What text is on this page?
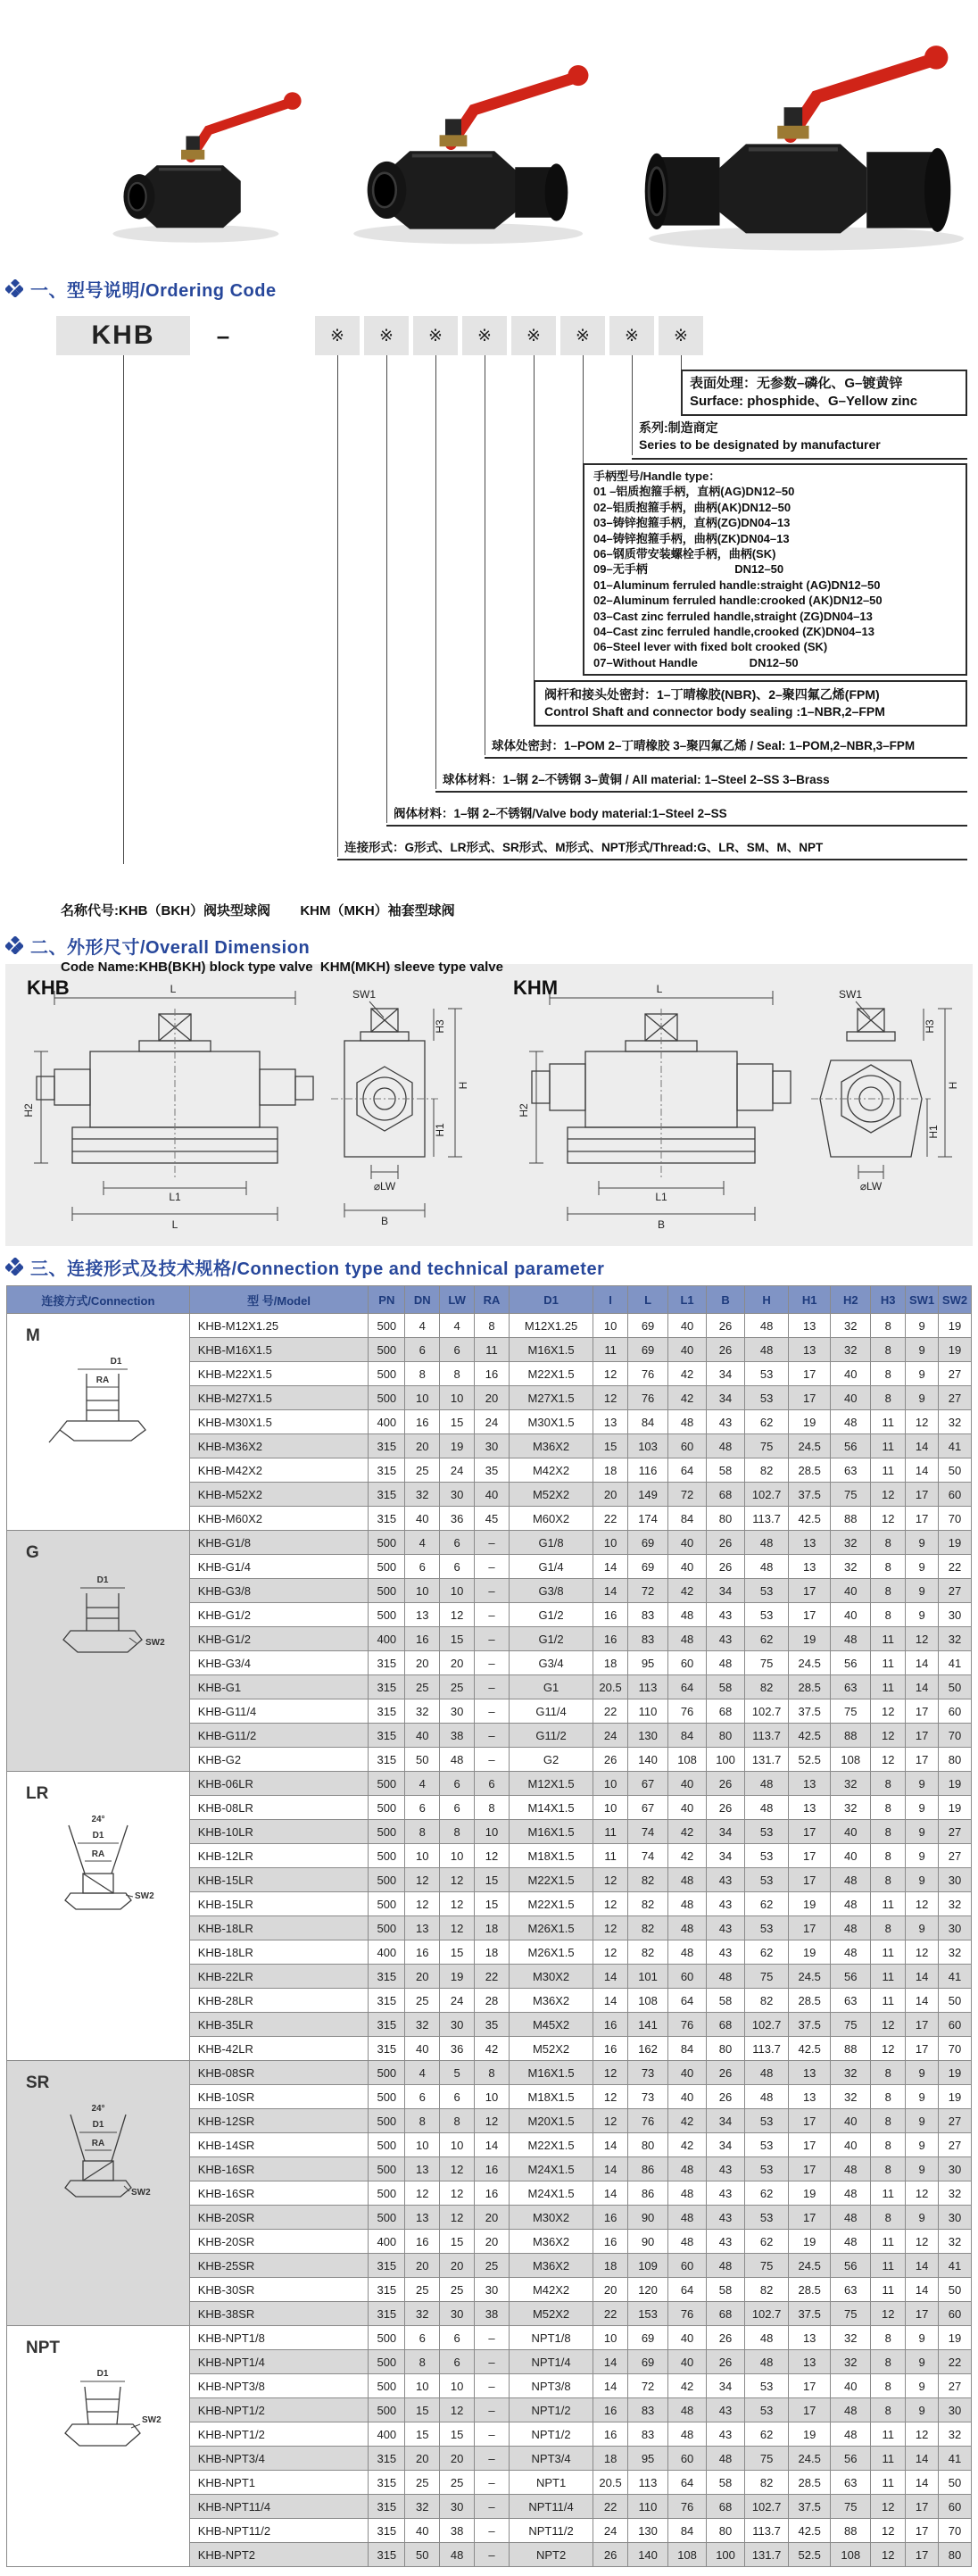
一、型号说明/Ordering Code
KHB	–
表面处理：无参数–磷化、G–镀黄锌
Surface: phosphide、G–Yellow zinc
系列:制造商定
Series to be designated by manufacturer
手柄型号/Handle type：
01 –铝质抱箍手柄，直柄(AG)DN12–50
02–铝质抱箍手柄，曲柄(AK)DN12–50
03–铸锌抱箍手柄，直柄(ZG)DN04–13
04–铸锌抱箍手柄，曲柄(ZK)DN04–13
06–钢质带安装螺栓手柄，曲柄(SK)
09–无手柄                           DN12–50
01–Aluminum ferruled handle:straight (AG)DN12–50
02–Aluminum ferruled handle:crooked (AK)DN12–50
03–Cast zinc ferruled handle,straight (ZG)DN04–13
04–Cast zinc ferruled handle,crooked (ZK)DN04–13
06–Steel lever with fixed bolt crooked (SK)
07–Without Handle                DN12–50
阀杆和接头处密封：1–丁晴橡胶(NBR)、2–聚四氟乙烯(FPM)
Control Shaft and connector body sealing :1–NBR,2–FPM
球体处密封：1–POM 2–丁晴橡胶 3–聚四氟乙烯 / Seal: 1–POM,2–NBR,3–FPM
球体材料：1–钢 2–不锈钢 3–黄铜 / All material: 1–Steel 2–SS 3–Brass
阀体材料：1–钢 2–不锈钢/Valve body material:1–Steel 2–SS
连接形式：G形式、LR形式、SR形式、M形式、NPT形式/Thread:G、LR、SM、M、NPT

名称代号:KHB（BKH）阀块型球阀        KHM（MKH）袖套型球阀

Code Name:KHB(BKH) block type valve  KHM(MKH) sleeve type valve

※	※	※	※	※	※	※	※
二、外形尺寸/Overall Dimension
KHB	L
H2
L1
L
SW1
H3
H
H1
⌀LW
B
KHM	L
H2
L1
B
SW1
H3
H
H1
⌀LW
三、连接形式及技术规格/Connection type and technical parameter
连接方式/Connection	型 号/Model	PN	DN	LW	RA	D1	I	L	L1	B	H	H1	H2	H3	SW1	SW2

M
D1
RA	KHB-M12X1.25	500	4	4	8	M12X1.25	10	69	40	26	48	13	32	8	9	19
	KHB-M16X1.5	500	6	6	11	M16X1.5	11	69	40	26	48	13	32	8	9	19
	KHB-M22X1.5	500	8	8	16	M22X1.5	12	76	42	34	53	17	40	8	9	27
	KHB-M27X1.5	500	10	10	20	M27X1.5	12	76	42	34	53	17	40	8	9	27
	KHB-M30X1.5	400	16	15	24	M30X1.5	13	84	48	43	62	19	48	11	12	32
	KHB-M36X2	315	20	19	30	M36X2	15	103	60	48	75	24.5	56	11	14	41
	KHB-M42X2	315	25	24	35	M42X2	18	116	64	58	82	28.5	63	11	14	50
	KHB-M52X2	315	32	30	40	M52X2	20	149	72	68	102.7	37.5	75	12	17	60
	KHB-M60X2	315	40	36	45	M60X2	22	174	84	80	113.7	42.5	88	12	17	70

G
D1
SW2	KHB-G1/8	500	4	6	–	G1/8	10	69	40	26	48	13	32	8	9	19
	KHB-G1/4	500	6	6	–	G1/4	14	69	40	26	48	13	32	8	9	22
	KHB-G3/8	500	10	10	–	G3/8	14	72	42	34	53	17	40	8	9	27
	KHB-G1/2	500	13	12	–	G1/2	16	83	48	43	53	17	40	8	9	30
	KHB-G1/2	400	16	15	–	G1/2	16	83	48	43	62	19	48	11	12	32
	KHB-G3/4	315	20	20	–	G3/4	18	95	60	48	75	24.5	56	11	14	41
	KHB-G1	315	25	25	–	G1	20.5	113	64	58	82	28.5	63	11	14	50
	KHB-G11/4	315	32	30	–	G11/4	22	110	76	68	102.7	37.5	75	12	17	60
	KHB-G11/2	315	40	38	–	G11/2	24	130	84	80	113.7	42.5	88	12	17	70
	KHB-G2	315	50	48	–	G2	26	140	108	100	131.7	52.5	108	12	17	80

LR
24°
D1
RA
SW2	KHB-06LR	500	4	6	6	M12X1.5	10	67	40	26	48	13	32	8	9	19
	KHB-08LR	500	6	6	8	M14X1.5	10	67	40	26	48	13	32	8	9	19
	KHB-10LR	500	8	8	10	M16X1.5	11	74	42	34	53	17	40	8	9	27
	KHB-12LR	500	10	10	12	M18X1.5	11	74	42	34	53	17	40	8	9	27
	KHB-15LR	500	12	12	15	M22X1.5	12	82	48	43	53	17	48	8	9	30
	KHB-15LR	500	12	12	15	M22X1.5	12	82	48	43	62	19	48	11	12	32
	KHB-18LR	500	13	12	18	M26X1.5	12	82	48	43	53	17	48	8	9	30
	KHB-18LR	400	16	15	18	M26X1.5	12	82	48	43	62	19	48	11	12	32
	KHB-22LR	315	20	19	22	M30X2	14	101	60	48	75	24.5	56	11	14	41
	KHB-28LR	315	25	24	28	M36X2	14	108	64	58	82	28.5	63	11	14	50
	KHB-35LR	315	32	30	35	M45X2	16	141	76	68	102.7	37.5	75	12	17	60
	KHB-42LR	315	40	36	42	M52X2	16	162	84	80	113.7	42.5	88	12	17	70

SR
24°
D1
RA
SW2	KHB-08SR	500	4	5	8	M16X1.5	12	73	40	26	48	13	32	8	9	19
	KHB-10SR	500	6	6	10	M18X1.5	12	73	40	26	48	13	32	8	9	19
	KHB-12SR	500	8	8	12	M20X1.5	12	76	42	34	53	17	40	8	9	27
	KHB-14SR	500	10	10	14	M22X1.5	14	80	42	34	53	17	40	8	9	27
	KHB-16SR	500	13	12	16	M24X1.5	14	86	48	43	53	17	48	8	9	30
	KHB-16SR	500	12	12	16	M24X1.5	14	86	48	43	62	19	48	11	12	32
	KHB-20SR	500	13	12	20	M30X2	16	90	48	43	53	17	48	8	9	30
	KHB-20SR	400	16	15	20	M36X2	16	90	48	43	62	19	48	11	12	32
	KHB-25SR	315	20	20	25	M36X2	18	109	60	48	75	24.5	56	11	14	41
	KHB-30SR	315	25	25	30	M42X2	20	120	64	58	82	28.5	63	11	14	50
	KHB-38SR	315	32	30	38	M52X2	22	153	76	68	102.7	37.5	75	12	17	60

NPT
D1
SW2	KHB-NPT1/8	500	6	6	–	NPT1/8	10	69	40	26	48	13	32	8	9	19
	KHB-NPT1/4	500	8	6	–	NPT1/4	14	69	40	26	48	13	32	8	9	22
	KHB-NPT3/8	500	10	10	–	NPT3/8	14	72	42	34	53	17	40	8	9	27
	KHB-NPT1/2	500	15	12	–	NPT1/2	16	83	48	43	53	17	48	8	9	30
	KHB-NPT1/2	400	15	15	–	NPT1/2	16	83	48	43	62	19	48	11	12	32
	KHB-NPT3/4	315	20	20	–	NPT3/4	18	95	60	48	75	24.5	56	11	14	41
	KHB-NPT1	315	25	25	–	NPT1	20.5	113	64	58	82	28.5	63	11	14	50
	KHB-NPT11/4	315	32	30	–	NPT11/4	22	110	76	68	102.7	37.5	75	12	17	60
	KHB-NPT11/2	315	40	38	–	NPT11/2	24	130	84	80	113.7	42.5	88	12	17	70
	KHB-NPT2	315	50	48	–	NPT2	26	140	108	100	131.7	52.5	108	12	17	80
